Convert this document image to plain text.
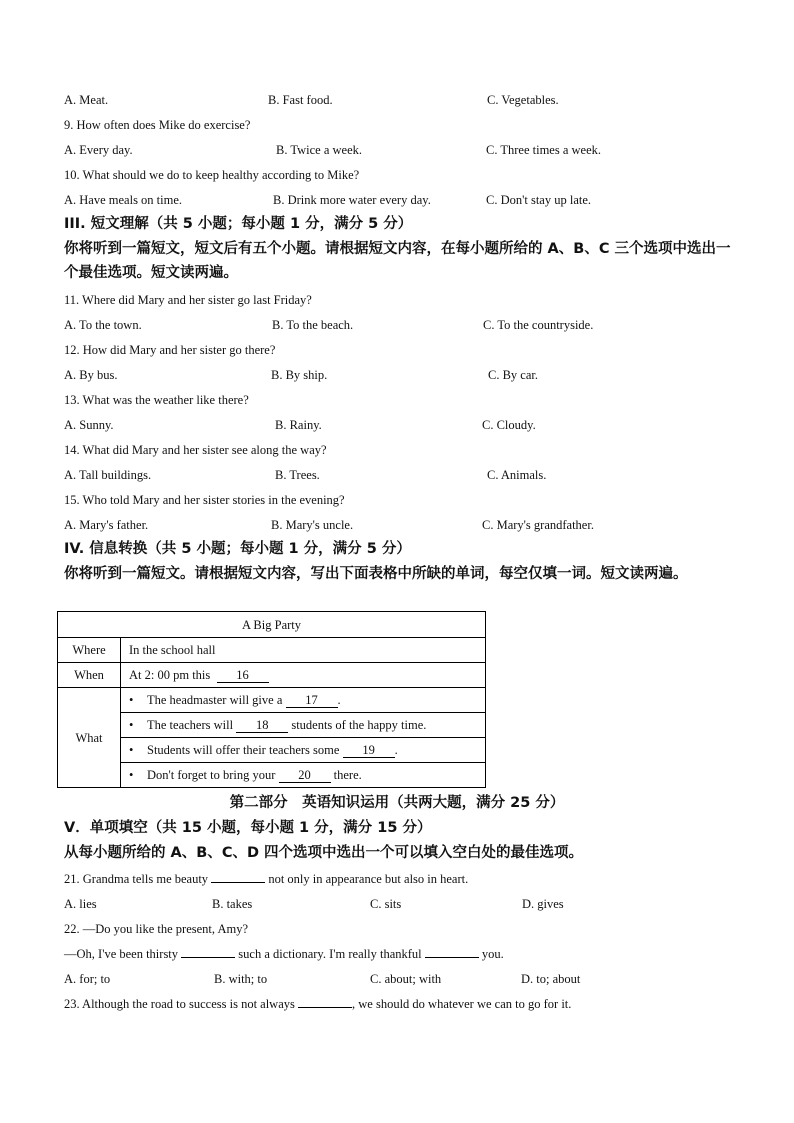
A. Meat.	B. Fast food.	C. Vegetables.
9. How often does Mike do exercise?
A. Every day.	B. Twice a week.	C. Three times a week.
10. What should we do to keep healthy according to Mike?
A. Have meals on time.	B. Drink more water every day.	C. Don't stay up late.
III. 短文理解（共 5 小题；每小题 1 分，满分 5 分）
你将听到一篇短文，短文后有五个小题。请根据短文内容，在每小题所给的 A、B、C 三个选项中选出一个最佳选项。短文读两遍。
11. Where did Mary and her sister go last Friday?
A. To the town.	B. To the beach.	C. To the countryside.
12. How did Mary and her sister go there?
A. By bus.	B. By ship.	C. By car.
13. What was the weather like there?
A. Sunny.	B. Rainy.	C. Cloudy.
14. What did Mary and her sister see along the way?
A. Tall buildings.	B. Trees.	C. Animals.
15. Who told Mary and her sister stories in the evening?
A. Mary's father.	B. Mary's uncle.	C. Mary's grandfather.
IV. 信息转换（共 5 小题；每小题 1 分，满分 5 分）
你将听到一篇短文。请根据短文内容，写出下面表格中所缺的单词，每空仅填一词。短文读两遍。
A Big Party	
Where	In the school hall
When	At 2: 00 pm this 16
What	• The headmaster will give a 17 .
	• The teachers will 18 students of the happy time.
	• Students will offer their teachers some 19 .
	• Don't forget to bring your 20 there.
第二部分　英语知识运用（共两大题，满分 25 分）
V．单项填空（共 15 小题，每小题 1 分，满分 15 分）
从每小题所给的 A、B、C、D 四个选项中选出一个可以填入空白处的最佳选项。
21. Grandma tells me beauty	not only in appearance but also in heart.
A. lies	B. takes	C. sits	D. gives
22. —Do you like the present, Amy?
—Oh, I've been thirsty	such a dictionary. I'm really thankful	you.
A. for; to	B. with; to	C. about; with	D. to; about
23. Although the road to success is not always	, we should do whatever we can to go for it.
